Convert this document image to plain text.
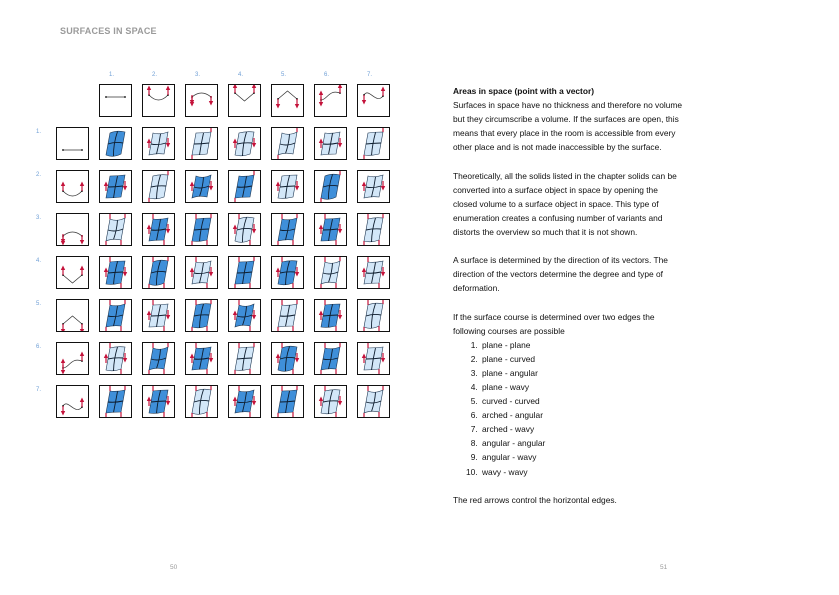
SURFACES IN SPACE
1.	2.	3.	4.	5.	6.	7.
1.
2.
3.
4.
5.
6.
7.
Areas in space (point with a vector)

Surfaces in space have no thickness and therefore no volume but they circumscribe a volume. If the surfaces are open, this means that every place in the room is accessible from every other place and is not made inaccessible by the surface.

Theoretically, all the solids listed in the chapter solids can be converted into a surface object in space by opening the closed volume to a surface object in space. This type of enumeration creates a confusing number of variants and distorts the overview so much that it is not shown.

A surface is determined by the direction of its vectors. The direction of the vectors determine the degree and type of deformation.

If the surface course is determined over two edges the following courses are possible

1. plane - plane
2. plane - curved
3. plane - angular
4. plane - wavy
5. curved - curved
6. arched - angular
7. arched - wavy
8. angular - angular
9. angular - wavy
10. wavy - wavy

The red arrows control the horizontal edges.

50	51
